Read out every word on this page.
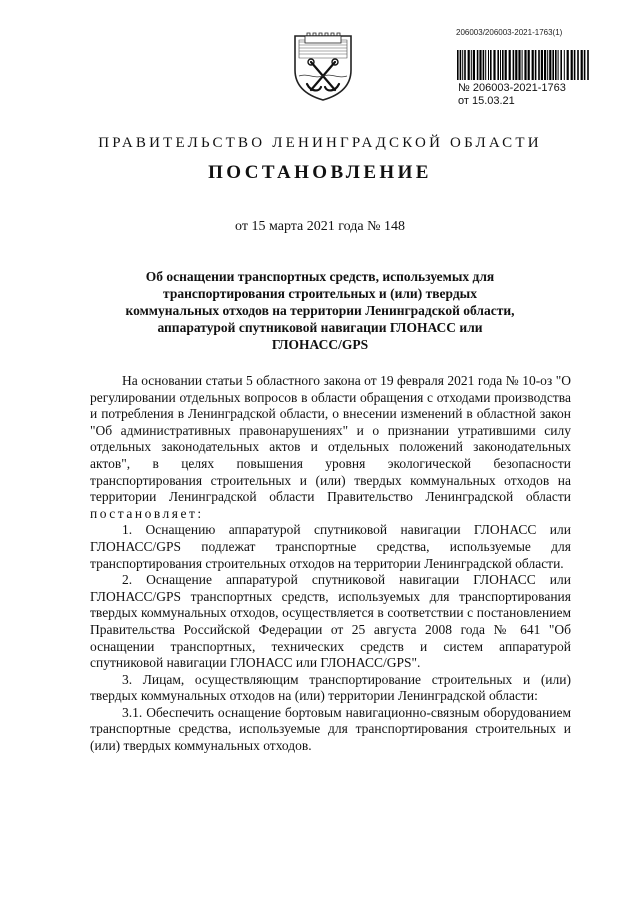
206003/206003-2021-1763(1)
№ 206003-2021-1763
от 15.03.21
ПРАВИТЕЛЬСТВО ЛЕНИНГРАДСКОЙ ОБЛАСТИ
ПОСТАНОВЛЕНИЕ
от 15 марта 2021 года № 148
Об оснащении транспортных средств, используемых для транспортирования строительных и (или) твердых коммунальных отходов на территории Ленинградской области, аппаратурой спутниковой навигации ГЛОНАСС или ГЛОНАСС/GPS

На основании статьи 5 областного закона от 19 февраля 2021 года № 10-оз "О регулировании отдельных вопросов в области обращения с отходами производства и потребления в Ленинградской области, о внесении изменений в областной закон "Об административных правонарушениях" и о признании утратившими силу отдельных законодательных актов и отдельных положений законодательных актов", в целях повышения уровня экологической безопасности транспортирования строительных и (или) твердых коммунальных отходов на территории Ленинградской области Правительство Ленинградской области постановляет:

1. Оснащению аппаратурой спутниковой навигации ГЛОНАСС или ГЛОНАСС/GPS подлежат транспортные средства, используемые для транспортирования строительных отходов на территории Ленинградской области.

2. Оснащение аппаратурой спутниковой навигации ГЛОНАСС или ГЛОНАСС/GPS транспортных средств, используемых для транспортирования твердых коммунальных отходов, осуществляется в соответствии с постановлением Правительства Российской Федерации от 25 августа 2008 года № 641 "Об оснащении транспортных, технических средств и систем аппаратурой спутниковой навигации ГЛОНАСС или ГЛОНАСС/GPS".

3. Лицам, осуществляющим транспортирование строительных и (или) твердых коммунальных отходов на (или) территории Ленинградской области:

3.1. Обеспечить оснащение бортовым навигационно-связным оборудованием транспортные средства, используемые для транспортирования строительных и (или) твердых коммунальных отходов.
